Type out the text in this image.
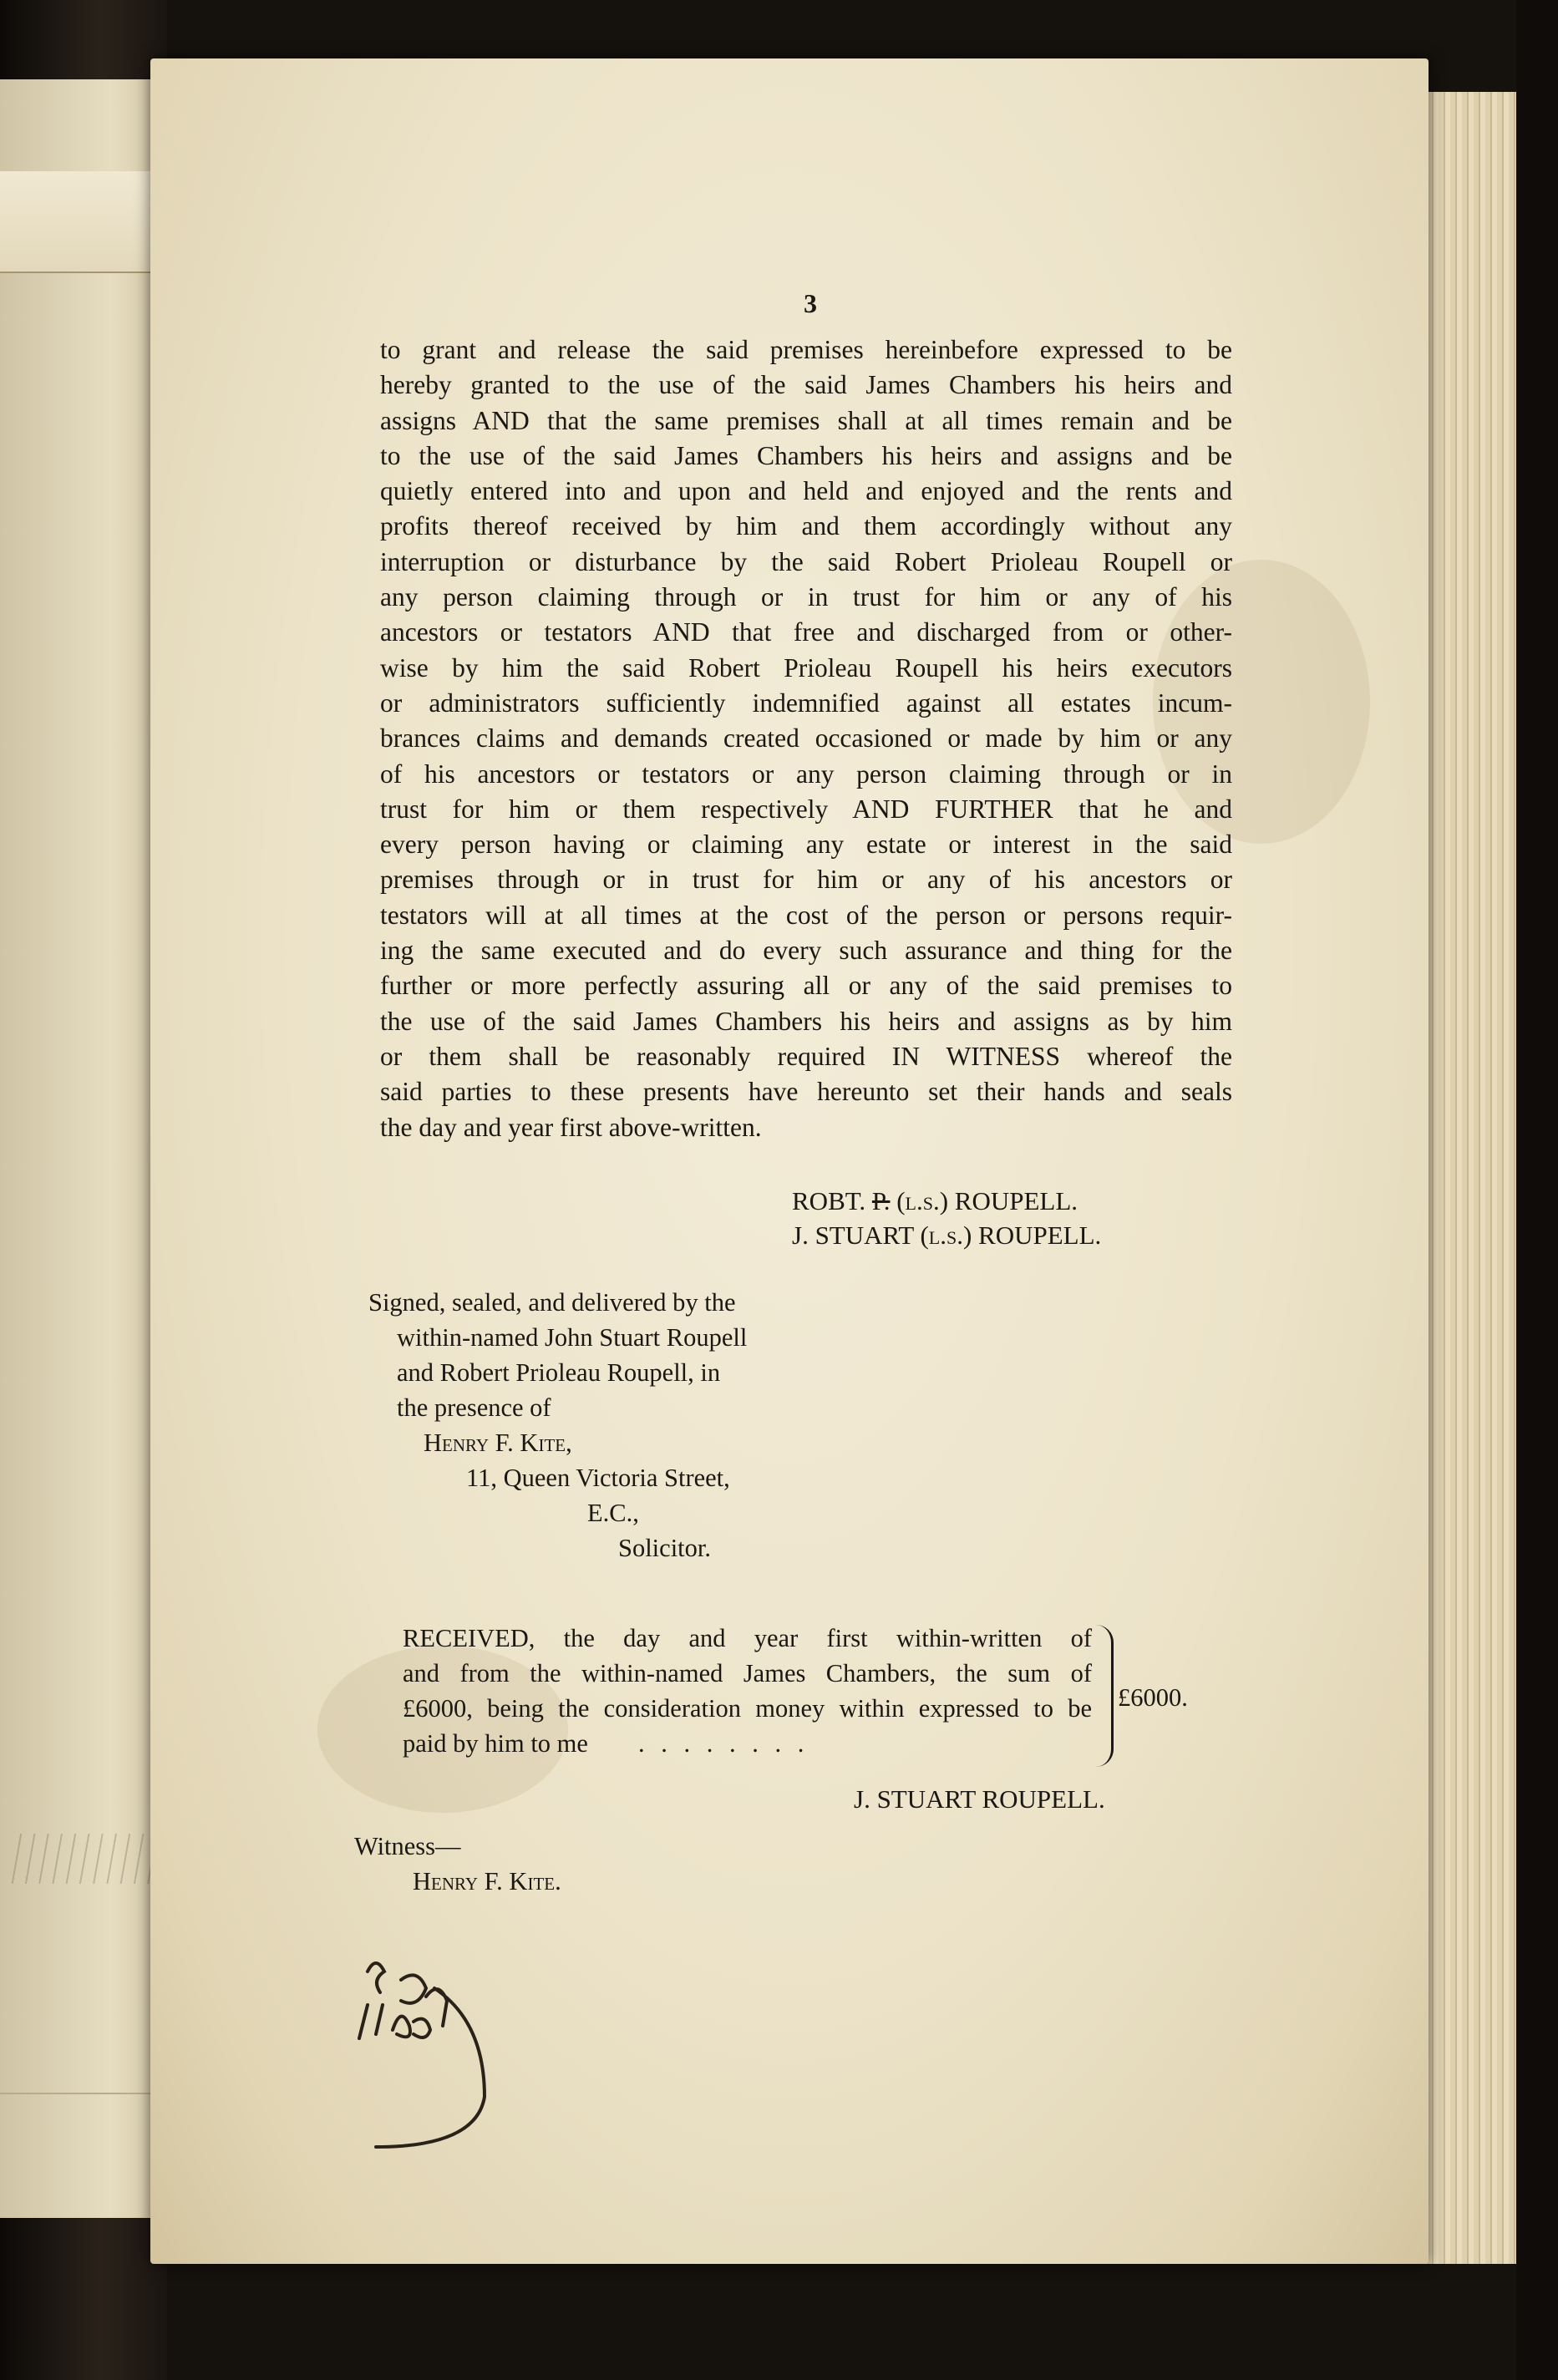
3
to grant and release the said premises hereinbefore expressed to be
hereby granted to the use of the said James Chambers his heirs and
assigns AND that the same premises shall at all times remain and be
to the use of the said James Chambers his heirs and assigns and be
quietly entered into and upon and held and enjoyed and the rents and
profits thereof received by him and them accordingly without any
interruption or disturbance by the said Robert Prioleau Roupell or
any person claiming through or in trust for him or any of his
ancestors or testators AND that free and discharged from or other-
wise by him the said Robert Prioleau Roupell his heirs executors
or administrators sufficiently indemnified against all estates incum-
brances claims and demands created occasioned or made by him or any
of his ancestors or testators or any person claiming through or in
trust for him or them respectively AND FURTHER that he and
every person having or claiming any estate or interest in the said
premises through or in trust for him or any of his ancestors or
testators will at all times at the cost of the person or persons requir-
ing the same executed and do every such assurance and thing for the
further or more perfectly assuring all or any of the said premises to
the use of the said James Chambers his heirs and assigns as by him
or them shall be reasonably required IN WITNESS whereof the
said parties to these presents have hereunto set their hands and seals
the day and year first above-written.
ROBT. P. (l.s.) ROUPELL.
J. STUART (l.s.) ROUPELL.
Signed, sealed, and delivered by the
within-named John Stuart Roupell
and Robert Prioleau Roupell, in
the presence of
Henry F. Kite,
11, Queen Victoria Street,
E.C.,
Solicitor.
RECEIVED, the day and year first within-written of
and from the within-named James Chambers, the sum of
£6000, being the consideration money within expressed to be
paid by him to me . . . . . . . .
£6000.
J. STUART ROUPELL.
Witness—
Henry F. Kite.
